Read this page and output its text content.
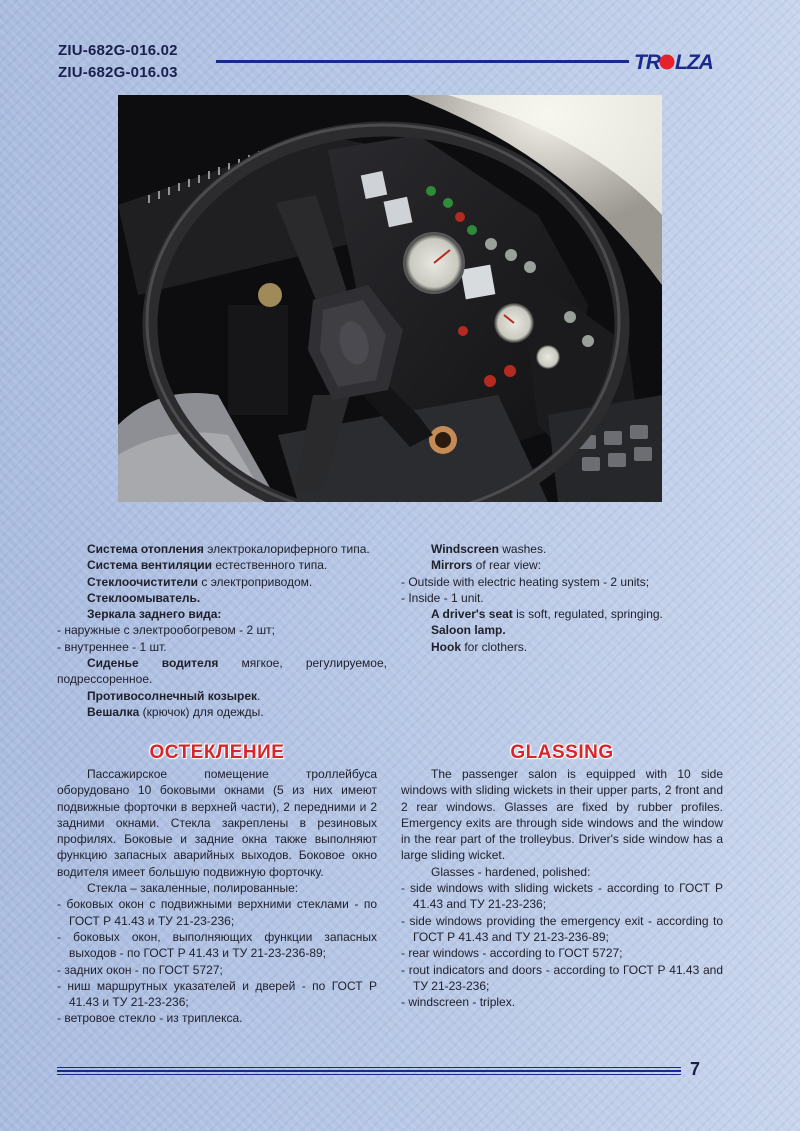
ZIU-682G-016.02
ZIU-682G-016.03	TR LZA

Система отопления электрокалориферного типа.

Система вентиляции естественного типа.

Стеклоочистители с электроприводом.

Стеклоомыватель.

Зеркала заднего вида:

- наружные с электрообогревом - 2 шт;

- внутреннее - 1 шт.

Сиденье водителя мягкое, регулируемое, подрессоренное.

Противосолнечный козырек.

Вешалка (крючок) для одежды.

Windscreen washes.

Mirrors of rear view:

- Outside with electric heating system - 2 units;

- Inside - 1 unit.

A driver's seat is soft, regulated, springing.

Saloon lamp.

Hook for clothers.

ОСТЕКЛЕНИЕ	GLASSING

Пассажирское помещение троллейбуса оборудовано 10 боковыми окнами (5 из них имеют подвижные форточки в верхней части), 2 передними и 2 задними окнами. Стекла закреплены в резиновых профилях. Боковые и задние окна также выполняют функцию запасных аварийных выходов. Боковое окно водителя имеет большую подвижную форточку.

Стекла – закаленные, полированные:

- боковых окон с подвижными верхними стеклами - по ГОСТ Р 41.43 и ТУ 21-23-236;

- боковых окон, выполняющих функции запасных выходов - по ГОСТ Р 41.43 и ТУ 21-23-236-89;

- задних окон - по ГОСТ 5727;

- ниш маршрутных указателей и дверей - по ГОСТ Р 41.43 и ТУ 21-23-236;

- ветровое стекло - из триплекса.

The passenger salon is equipped with 10 side windows with sliding wickets in their upper parts, 2 front and 2 rear windows. Glasses are fixed by rubber profiles. Emergency exits are through side windows and the window in the rear part of the trolleybus. Driver's side window has a large sliding wicket.

Glasses - hardened, polished:

- side windows with sliding wickets - according to ГОСТ Р 41.43 and ТУ 21-23-236;

- side windows providing the emergency exit - according to ГОСТ Р 41.43 and ТУ 21-23-236-89;

- rear windows - according to ГОСТ 5727;

- rout indicators and doors - according to ГОСТ Р 41.43 and ТУ 21-23-236;

- windscreen - triplex.

7
